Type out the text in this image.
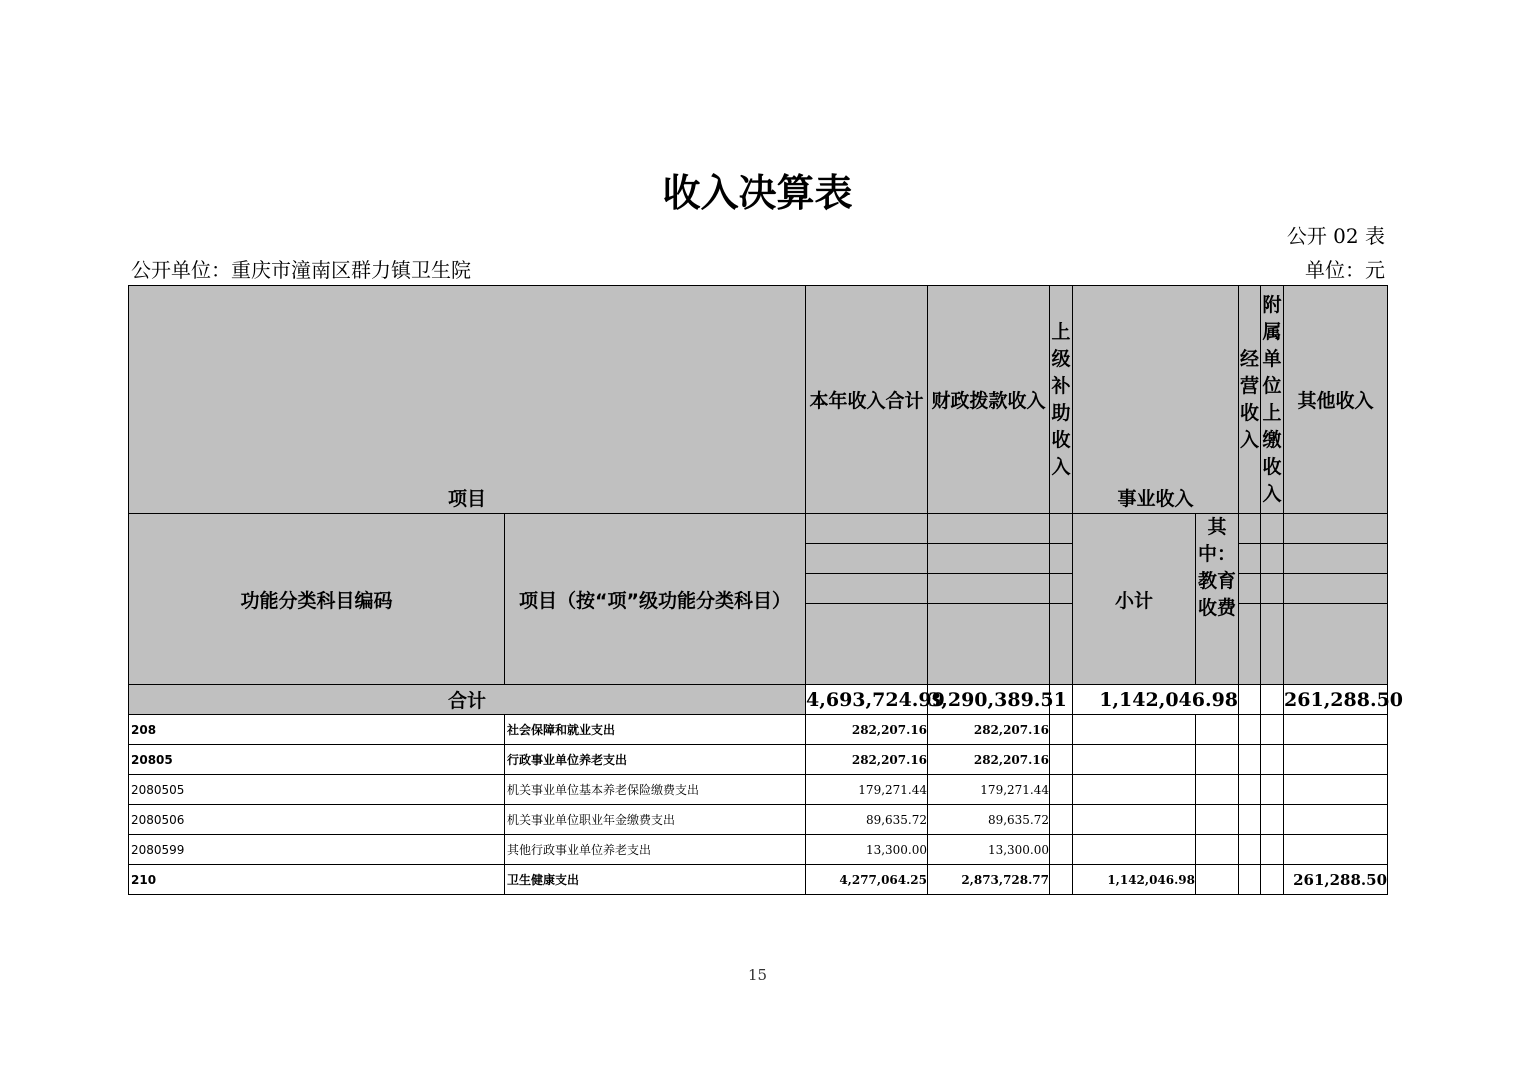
收入决算表
公开 02 表
公开单位：重庆市潼南区群力镇卫生院	单位：元
项目		本年收入合计	财政拨款收入	上级补助收入	事业收入		经营收入	附属单位上缴收入	其他收入
功能分类科目编码	项目（按“项”级功能分类科目）				小计	其中：教育收费			

合计		4,693,724.99	3,290,389.51		1,142,046.98				261,288.50
208	社会保障和就业支出	282,207.16	282,207.16						
20805	行政事业单位养老支出	282,207.16	282,207.16						
2080505	机关事业单位基本养老保险缴费支出	179,271.44	179,271.44						
2080506	机关事业单位职业年金缴费支出	89,635.72	89,635.72						
2080599	其他行政事业单位养老支出	13,300.00	13,300.00						
210	卫生健康支出	4,277,064.25	2,873,728.77		1,142,046.98				261,288.50
15
